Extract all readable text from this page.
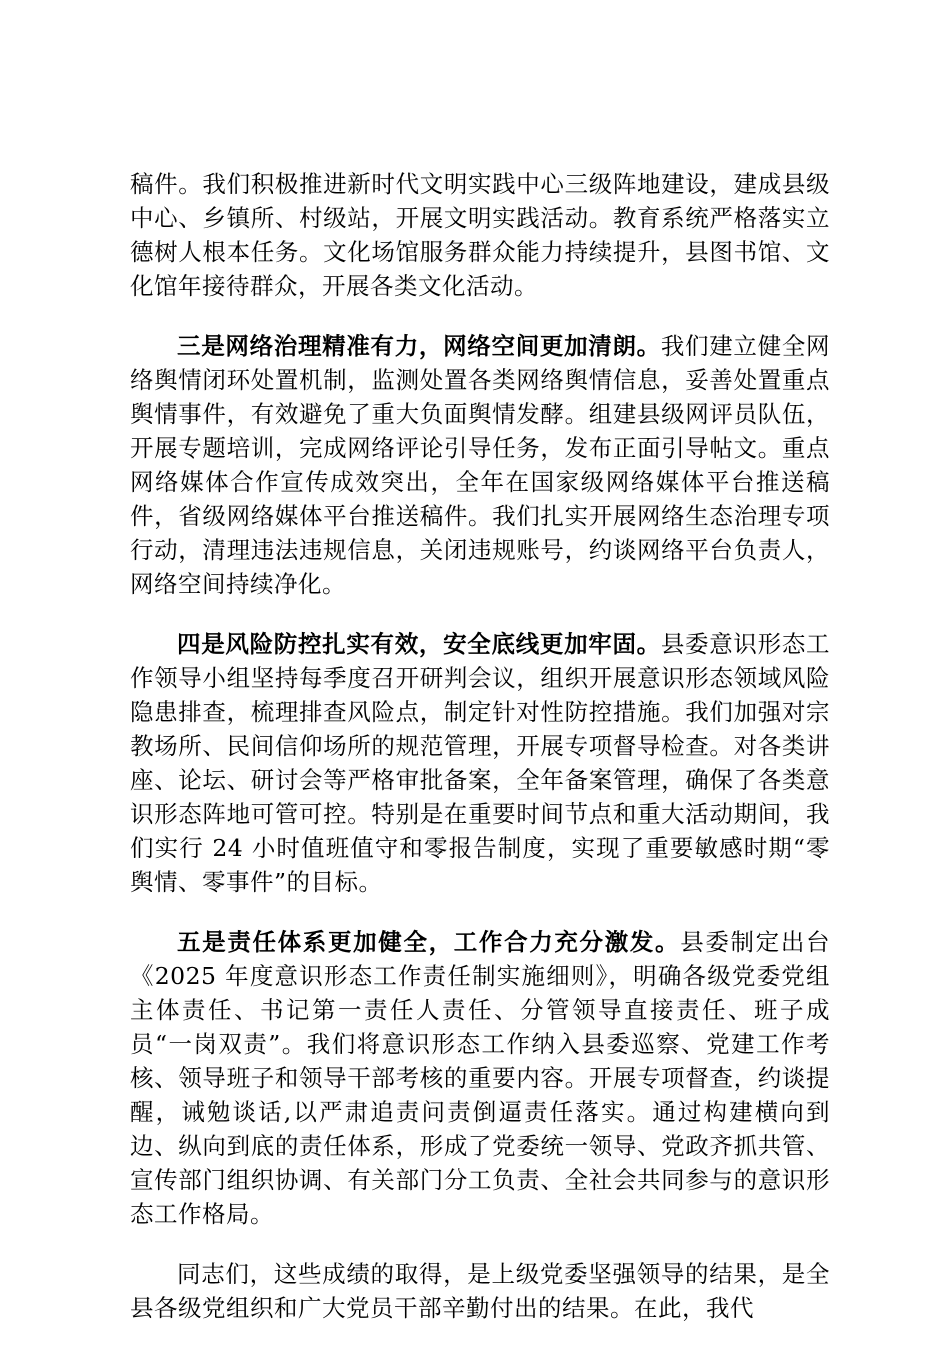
稿件。我们积极推进新时代文明实践中心三级阵地建设，建成县级中心、乡镇所、村级站，开展文明实践活动。教育系统严格落实立德树人根本任务。文化场馆服务群众能力持续提升，县图书馆、文化馆年接待群众，开展各类文化活动。

三是网络治理精准有力，网络空间更加清朗。我们建立健全网络舆情闭环处置机制，监测处置各类网络舆情信息，妥善处置重点舆情事件，有效避免了重大负面舆情发酵。组建县级网评员队伍，开展专题培训，完成网络评论引导任务，发布正面引导帖文。重点网络媒体合作宣传成效突出，全年在国家级网络媒体平台推送稿件，省级网络媒体平台推送稿件。我们扎实开展网络生态治理专项行动，清理违法违规信息，关闭违规账号，约谈网络平台负责人，网络空间持续净化。

四是风险防控扎实有效，安全底线更加牢固。县委意识形态工作领导小组坚持每季度召开研判会议，组织开展意识形态领域风险隐患排查，梳理排查风险点，制定针对性防控措施。我们加强对宗教场所、民间信仰场所的规范管理，开展专项督导检查。对各类讲座、论坛、研讨会等严格审批备案，全年备案管理，确保了各类意识形态阵地可管可控。特别是在重要时间节点和重大活动期间，我们实行 24 小时值班值守和零报告制度，实现了重要敏感时期“零舆情、零事件”的目标。

五是责任体系更加健全，工作合力充分激发。县委制定出台《2025 年度意识形态工作责任制实施细则》，明确各级党委党组主体责任、书记第一责任人责任、分管领导直接责任、班子成员“一岗双责”。我们将意识形态工作纳入县委巡察、党建工作考核、领导班子和领导干部考核的重要内容。开展专项督查，约谈提醒，诫勉谈话,以严肃追责问责倒逼责任落实。通过构建横向到边、纵向到底的责任体系，形成了党委统一领导、党政齐抓共管、宣传部门组织协调、有关部门分工负责、全社会共同参与的意识形态工作格局。

同志们，这些成绩的取得，是上级党委坚强领导的结果，是全县各级党组织和广大党员干部辛勤付出的结果。在此，我代
